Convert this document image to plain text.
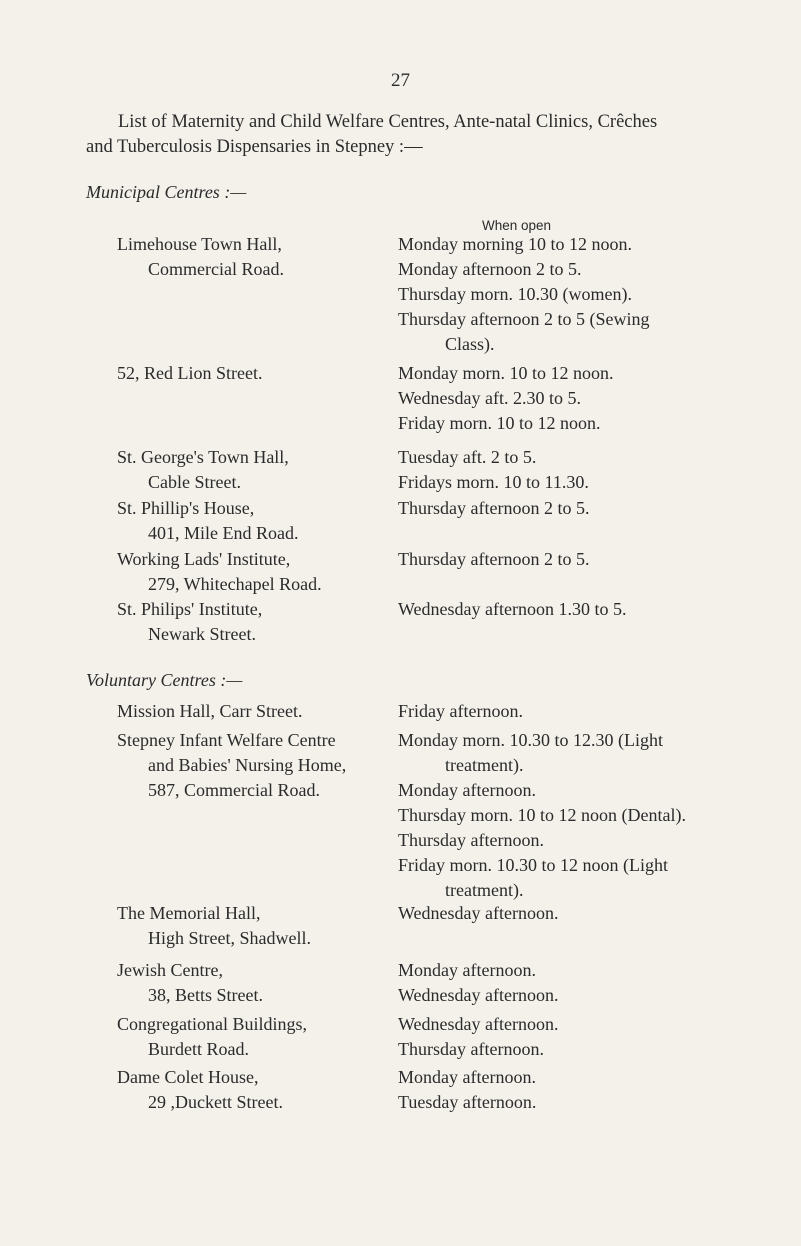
27
List of Maternity and Child Welfare Centres, Ante-natal Clinics, Crêches
and Tuberculosis Dispensaries in Stepney :—
Municipal Centres :—
When open
Limehouse Town Hall,
Commercial Road.
Monday morning 10 to 12 noon.
Monday afternoon 2 to 5.
Thursday morn. 10.30 (women).
Thursday afternoon 2 to 5 (Sewing
Class).
52, Red Lion Street.	Monday morn. 10 to 12 noon.
Wednesday aft. 2.30 to 5.
Friday morn. 10 to 12 noon.
St. George's Town Hall,
Cable Street.
Tuesday aft. 2 to 5.
Fridays morn. 10 to 11.30.
St. Phillip's House,
401, Mile End Road.
Thursday afternoon 2 to 5.
Working Lads' Institute,
279, Whitechapel Road.
Thursday afternoon 2 to 5.
St. Philips' Institute,
Newark Street.
Wednesday afternoon 1.30 to 5.
Voluntary Centres :—
Mission Hall, Carr Street.	Friday afternoon.
Stepney Infant Welfare Centre
and Babies' Nursing Home,
587, Commercial Road.
Monday morn. 10.30 to 12.30 (Light
treatment).
Monday afternoon.
Thursday morn. 10 to 12 noon (Dental).
Thursday afternoon.
Friday morn. 10.30 to 12 noon (Light
treatment).
The Memorial Hall,
High Street, Shadwell.
Wednesday afternoon.
Jewish Centre,
38, Betts Street.
Monday afternoon.
Wednesday afternoon.
Congregational Buildings,
Burdett Road.
Wednesday afternoon.
Thursday afternoon.
Dame Colet House,
29 ,Duckett Street.
Monday afternoon.
Tuesday afternoon.
